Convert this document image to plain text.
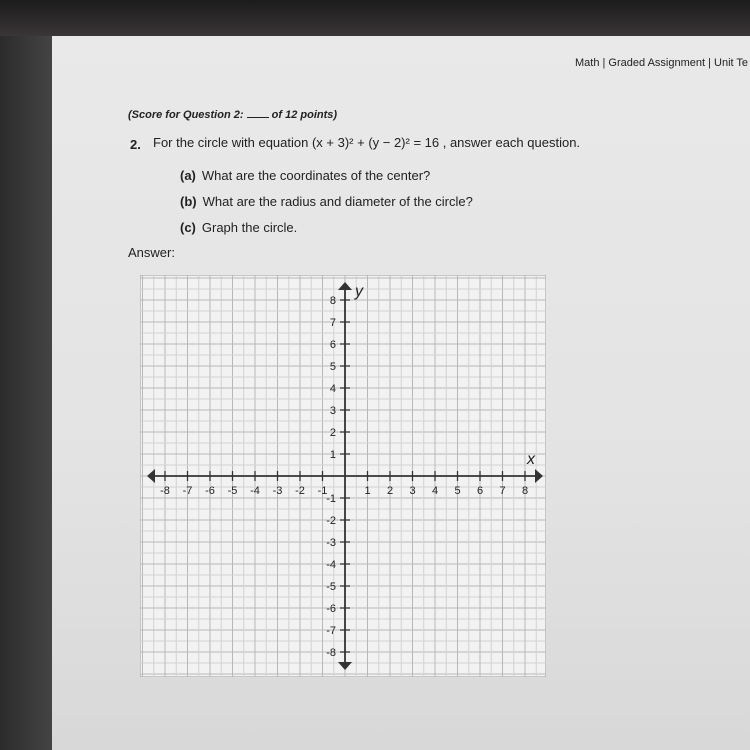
Math | Graded Assignment | Unit Te
(Score for Question 2:	of 12 points)
2. For the circle with equation (x + 3)² + (y − 2)² = 16 , answer each question.
(a) What are the coordinates of the center?
(b) What are the radius and diameter of the circle?
(c) Graph the circle.
Answer:
-8 -7 -6 -5 -4 -3 -2 -1	1 2 3 4 5 6 7 8
8
7
6
5
4
3
2
1
-1
-2
-3
-4
-5
-6
-7
-8
x
y
